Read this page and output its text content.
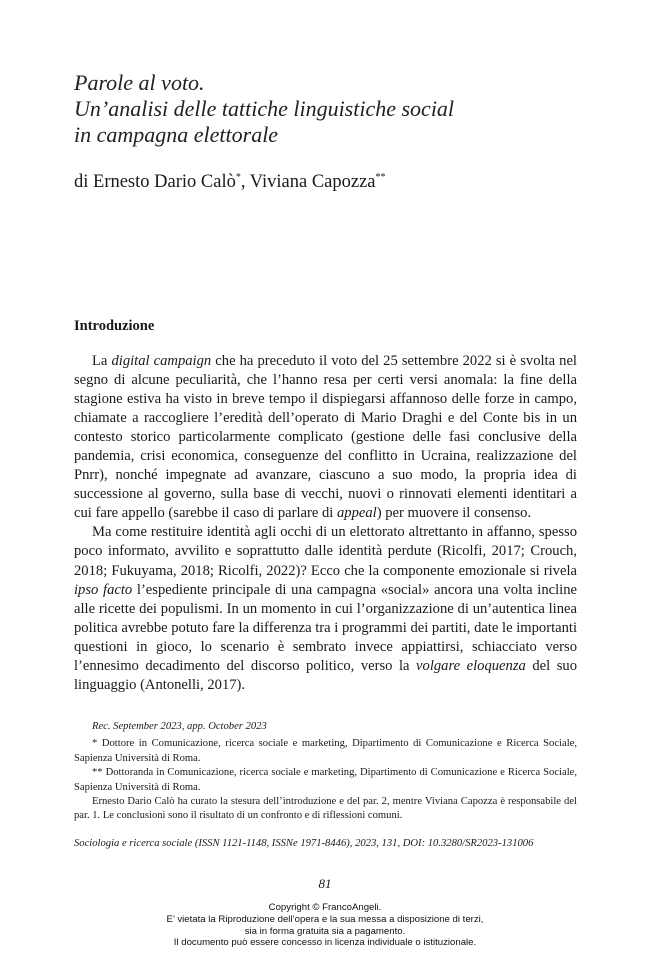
Parole al voto.
Un’analisi delle tattiche linguistiche social
in campagna elettorale
di Ernesto Dario Calò*, Viviana Capozza**
Introduzione

La digital campaign che ha preceduto il voto del 25 settembre 2022 si è svolta nel segno di alcune peculiarità, che l’hanno resa per certi versi anomala: la fine della stagione estiva ha visto in breve tempo il dispiegarsi affannoso delle forze in campo, chiamate a raccogliere l’eredità dell’operato di Mario Draghi e del Conte bis in un contesto storico particolarmente complicato (gestione delle fasi conclusive della pandemia, crisi economica, conseguenze del conflitto in Ucraina, realizzazione del Pnrr), nonché impegnate ad avanzare, ciascuno a suo modo, la propria idea di successione al governo, sulla base di vecchi, nuovi o rinnovati elementi identitari a cui fare appello (sarebbe il caso di parlare di appeal) per muovere il consenso.

Ma come restituire identità agli occhi di un elettorato altrettanto in affanno, spesso poco informato, avvilito e soprattutto dalle identità perdute (Ricolfi, 2017; Crouch, 2018; Fukuyama, 2018; Ricolfi, 2022)? Ecco che la componente emozionale si rivela ipso facto l’espediente principale di una campagna «social» ancora una volta incline alle ricette dei populismi. In un momento in cui l’organizzazione di un’autentica linea politica avrebbe potuto fare la differenza tra i programmi dei partiti, date le importanti questioni in gioco, lo scenario è sembrato invece appiattirsi, schiacciato verso l’ennesimo decadimento del discorso politico, verso la volgare eloquenza del suo linguaggio (Antonelli, 2017).

Rec. September 2023, app. October 2023

* Dottore in Comunicazione, ricerca sociale e marketing, Dipartimento di Comunicazione e Ricerca Sociale, Sapienza Università di Roma.

** Dottoranda in Comunicazione, ricerca sociale e marketing, Dipartimento di Comunicazione e Ricerca Sociale, Sapienza Università di Roma.

Ernesto Dario Calò ha curato la stesura dell’introduzione e del par. 2, mentre Viviana Capozza è responsabile del par. 1. Le conclusioni sono il risultato di un confronto e di riflessioni comuni.

Sociologia e ricerca sociale (ISSN 1121-1148, ISSNe 1971-8446), 2023, 131, DOI: 10.3280/SR2023-131006
81
Copyright © FrancoAngeli.
E’ vietata la Riproduzione dell’opera e la sua messa a disposizione di terzi,
sia in forma gratuita sia a pagamento.
Il documento può essere concesso in licenza individuale o istituzionale.
